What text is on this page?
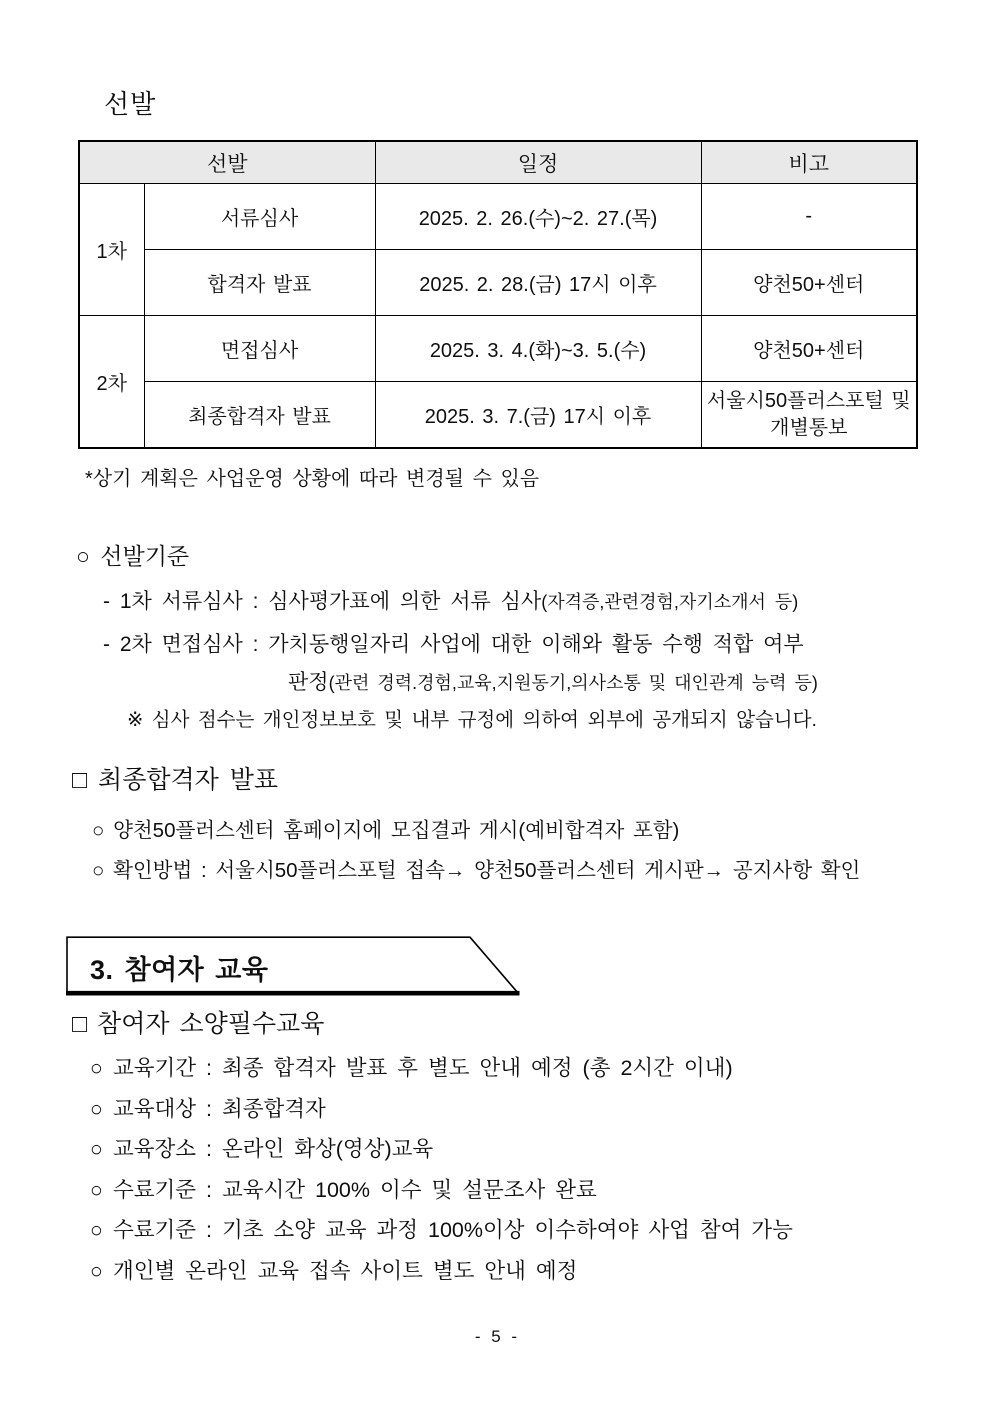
선발
선발		일정	비고
1차	서류심사	2025. 2. 26.(수)~2. 27.(목)	-
	합격자 발표	2025. 2. 28.(금) 17시 이후	양천50+센터
2차	면접심사	2025. 3. 4.(화)~3. 5.(수)	양천50+센터
	최종합격자 발표	2025. 3. 7.(금) 17시 이후	서울시50플러스포털 및 개별통보
*상기 계획은 사업운영 상황에 따라 변경될 수 있음
○ 선발기준
- 1차 서류심사 : 심사평가표에 의한 서류 심사(자격증,관련경험,자기소개서 등)
- 2차 면접심사 : 가치동행일자리 사업에 대한 이해와 활동 수행 적합 여부
판정(관련 경력.경험,교육,지원동기,의사소통 및 대인관계 능력 등)
※ 심사 점수는 개인정보보호 및 내부 규정에 의하여 외부에 공개되지 않습니다.
□ 최종합격자 발표
○ 양천50플러스센터 홈페이지에 모집결과 게시(예비합격자 포함)
○ 확인방법 : 서울시50플러스포털 접속→ 양천50플러스센터 게시판→ 공지사항 확인
3. 참여자 교육
□ 참여자 소양필수교육
○ 교육기간 : 최종 합격자 발표 후 별도 안내 예정 (총 2시간 이내)
○ 교육대상 : 최종합격자
○ 교육장소 : 온라인 화상(영상)교육
○ 수료기준 : 교육시간 100% 이수 및 설문조사 완료
○ 수료기준 : 기초 소양 교육 과정 100%이상 이수하여야 사업 참여 가능
○ 개인별 온라인 교육 접속 사이트 별도 안내 예정
- 5 -
